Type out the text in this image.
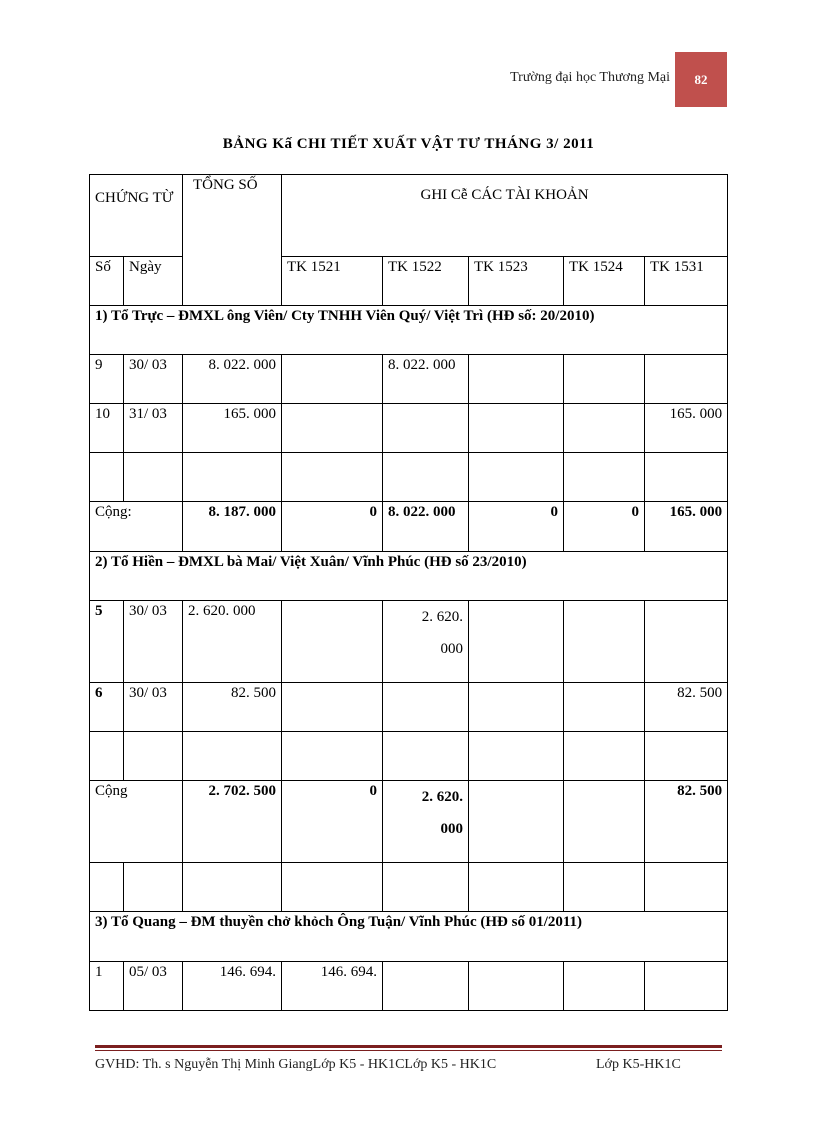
Trường đại học Thương Mại 82
BẢNG Kấ CHI TIẾT XUẤT VẬT TƯ THÁNG 3/ 2011
CHỨNG TỪ		TỔNG SỐ	GHI Cễ CÁC TÀI KHOẢN				
Số	Ngày		TK 1521	TK 1522	TK 1523	TK 1524	TK 1531
1) Tổ Trực – ĐMXL ông Viên/ Cty TNHH Viên Quý/ Việt Trì (HĐ số: 20/2010)							
9	30/ 03	8. 022. 000		8. 022. 000			
10	31/ 03	165. 000					165. 000

Cộng:		8. 187. 000	0	8. 022. 000	0	0	165. 000
2) Tổ Hiền – ĐMXL bà Mai/ Việt Xuân/ Vĩnh Phúc (HĐ số 23/2010)							
5	30/ 03	2. 620. 000		2. 620.
000			
6	30/ 03	82. 500					82. 500

Cộng		2. 702. 500	0	2. 620.
000			82. 500

3) Tổ Quang – ĐM thuyền chở khỏch Ông Tuận/ Vĩnh Phúc (HĐ số 01/2011)							
1	05/ 03	146. 694.	146. 694.				
GVHD: Th. s Nguyễn Thị Minh GiangLớp K5 - HK1CLớp K5 - HK1C	Lớp K5-HK1C
